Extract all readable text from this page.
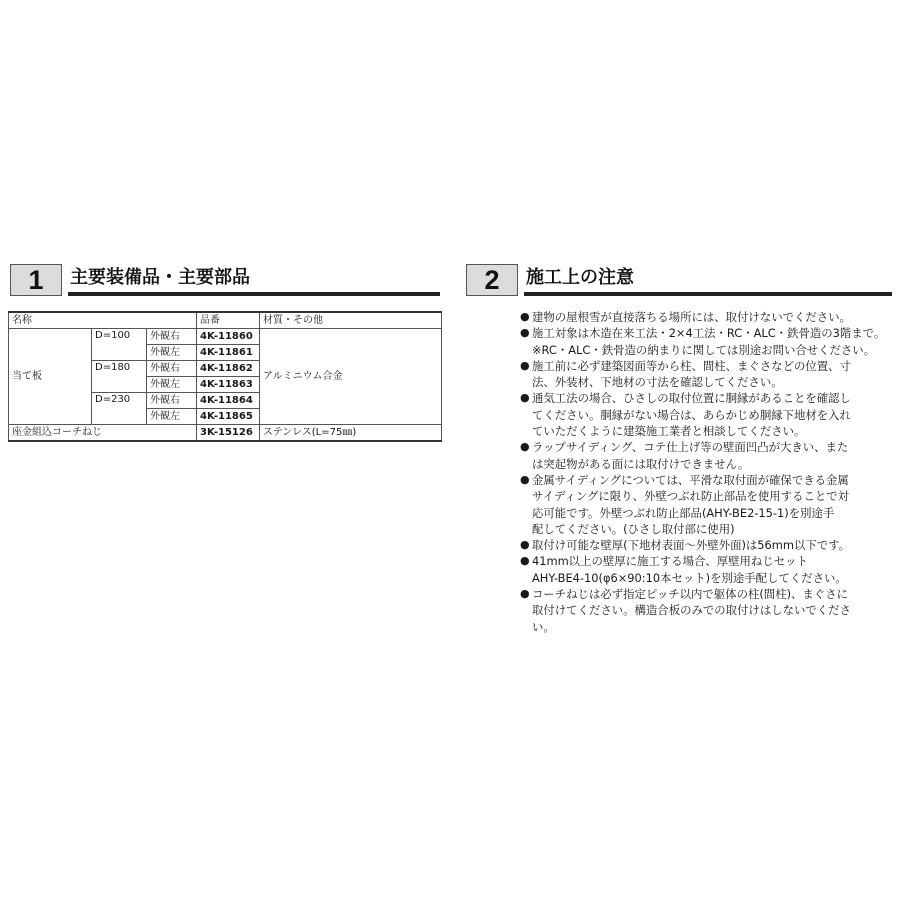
1	主要装備品・主要部品
名称			品番	材質・その他
当て板	D=100	外観右	4K-11860	アルミニウム合金
		外観左	4K-11861	
	D=180	外観右	4K-11862	
		外観左	4K-11863	
	D=230	外観右	4K-11864	
		外観左	4K-11865	
座金組込コーチねじ			3K-15126	ステンレス(L=75㎜)
2	施工上の注意
● 建物の屋根雪が直接落ちる場所には、取付けないでください。
● 施工対象は木造在来工法・2×4工法・RC・ALC・鉄骨造の3階まで。
※RC・ALC・鉄骨造の納まりに関しては別途お問い合せください。
● 施工前に必ず建築図面等から柱、間柱、まぐさなどの位置、寸
法、外装材、下地材の寸法を確認してください。
● 通気工法の場合、ひさしの取付位置に胴縁があることを確認し
てください。胴縁がない場合は、あらかじめ胴縁下地材を入れ
ていただくように建築施工業者と相談してください。
● ラップサイディング、コテ仕上げ等の壁面凹凸が大きい、また
は突起物がある面には取付けできません。
● 金属サイディングについては、平滑な取付面が確保できる金属
サイディングに限り、外壁つぶれ防止部品を使用することで対
応可能です。外壁つぶれ防止部品(AHY-BE2-15-1)を別途手
配してください。(ひさし取付部に使用)
● 取付け可能な壁厚(下地材表面～外壁外面)は56mm以下です。
● 41mm以上の壁厚に施工する場合、厚壁用ねじセット
AHY-BE4-10(φ6×90:10本セット)を別途手配してください。
● コーチねじは必ず指定ピッチ以内で躯体の柱(間柱)、まぐさに
取付けてください。構造合板のみでの取付けはしないでくださ
い。
